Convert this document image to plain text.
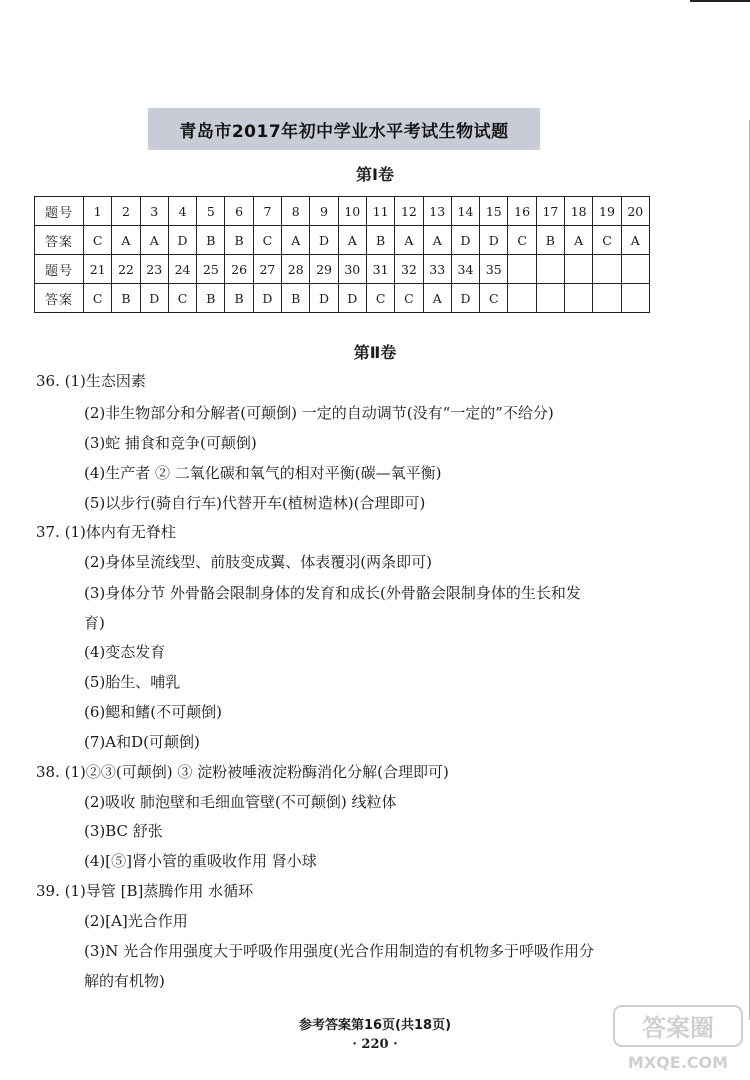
青岛市2017年初中学业水平考试生物试题
第Ⅰ卷
题号	1	2	3	4	5	6	7	8	9	10	11	12	13	14	15	16	17	18	19	20
答案	C	A	A	D	B	B	C	A	D	A	B	A	A	D	D	C	B	A	C	A
题号	21	22	23	24	25	26	27	28	29	30	31	32	33	34	35					
答案	C	B	D	C	B	B	D	B	D	D	C	C	A	D	C					
第Ⅱ卷
36. (1)生态因素
(2)非生物部分和分解者(可颠倒) 一定的自动调节(没有“一定的”不给分)
(3)蛇 捕食和竞争(可颠倒)
(4)生产者 ② 二氧化碳和氧气的相对平衡(碳—氧平衡)
(5)以步行(骑自行车)代替开车(植树造林)(合理即可)
37. (1)体内有无脊柱
(2)身体呈流线型、前肢变成翼、体表覆羽(两条即可)
(3)身体分节 外骨骼会限制身体的发育和成长(外骨骼会限制身体的生长和发
育)
(4)变态发育
(5)胎生、哺乳
(6)鳃和鳍(不可颠倒)
(7)A和D(可颠倒)
38. (1)②③(可颠倒) ③ 淀粉被唾液淀粉酶消化分解(合理即可)
(2)吸收 肺泡壁和毛细血管壁(不可颠倒) 线粒体
(3)BC 舒张
(4)[⑤]肾小管的重吸收作用 肾小球
39. (1)导管 [B]蒸腾作用 水循环
(2)[A]光合作用
(3)N 光合作用强度大于呼吸作用强度(光合作用制造的有机物多于呼吸作用分
解的有机物)
参考答案第16页(共18页)
· 220 ·
答案圈
MXQE.COM
